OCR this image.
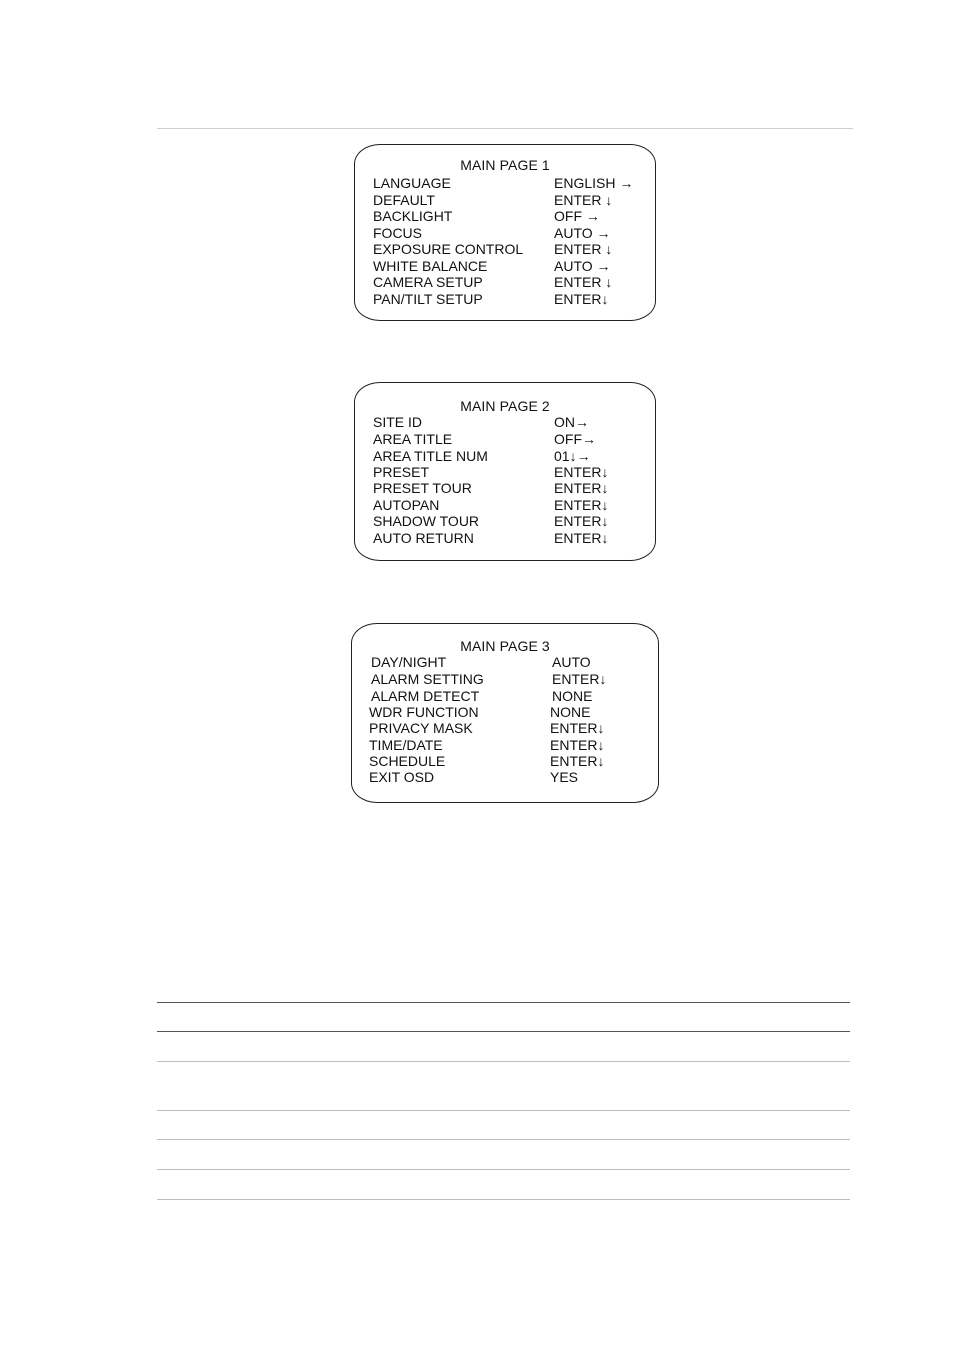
MAIN PAGE 1
LANGUAGE	ENGLISH →
DEFAULT	ENTER ↓
BACKLIGHT	OFF →
FOCUS	AUTO →
EXPOSURE CONTROL ENTER ↓
WHITE BALANCE	AUTO →
CAMERA SETUP	ENTER ↓
PAN/TILT SETUP	ENTER↓
MAIN PAGE 2
SITE ID	ON→
AREA TITLE	OFF→
AREA TITLE NUM	01↓→
PRESET	ENTER↓
PRESET TOUR	ENTER↓
AUTOPAN	ENTER↓
SHADOW TOUR	ENTER↓
AUTO RETURN	ENTER↓
MAIN PAGE 3
DAY/NIGHT	AUTO
ALARM SETTING	ENTER↓
ALARM DETECT	NONE
WDR FUNCTION	NONE
PRIVACY MASK	ENTER↓
TIME/DATE	ENTER↓
SCHEDULE	ENTER↓
EXIT OSD	YES
